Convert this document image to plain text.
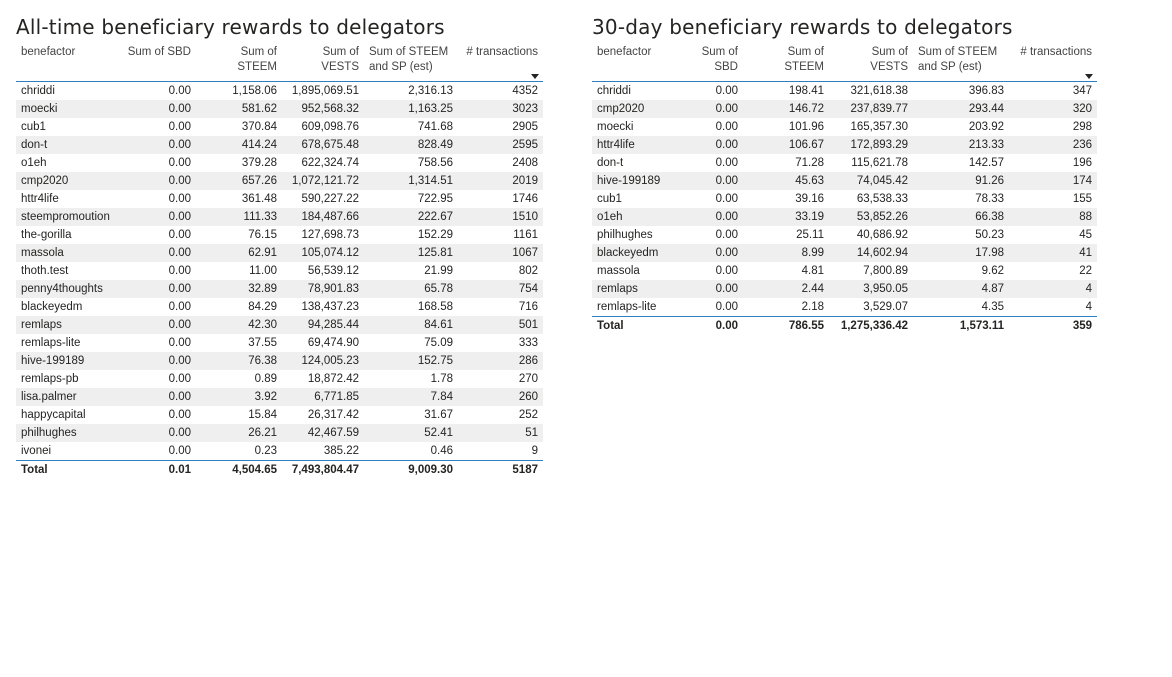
All-time beneficiary rewards to delegators
benefactor	Sum of SBD	Sum of STEEM	Sum of VESTS	Sum of STEEM and SP (est)	# transactions

chriddi	0.00	1,158.06	1,895,069.51	2,316.13	4352
moecki	0.00	581.62	952,568.32	1,163.25	3023
cub1	0.00	370.84	609,098.76	741.68	2905
don-t	0.00	414.24	678,675.48	828.49	2595
o1eh	0.00	379.28	622,324.74	758.56	2408
cmp2020	0.00	657.26	1,072,121.72	1,314.51	2019
httr4life	0.00	361.48	590,227.22	722.95	1746
steempromoution	0.00	111.33	184,487.66	222.67	1510
the-gorilla	0.00	76.15	127,698.73	152.29	1161
massola	0.00	62.91	105,074.12	125.81	1067
thoth.test	0.00	11.00	56,539.12	21.99	802
penny4thoughts	0.00	32.89	78,901.83	65.78	754
blackeyedm	0.00	84.29	138,437.23	168.58	716
remlaps	0.00	42.30	94,285.44	84.61	501
remlaps-lite	0.00	37.55	69,474.90	75.09	333
hive-199189	0.00	76.38	124,005.23	152.75	286
remlaps-pb	0.00	0.89	18,872.42	1.78	270
lisa.palmer	0.00	3.92	6,771.85	7.84	260
happycapital	0.00	15.84	26,317.42	31.67	252
philhughes	0.00	26.21	42,467.59	52.41	51
ivonei	0.00	0.23	385.22	0.46	9
Total	0.01	4,504.65	7,493,804.47	9,009.30	5187
30-day beneficiary rewards to delegators
benefactor	Sum of SBD	Sum of STEEM	Sum of VESTS	Sum of STEEM and SP (est)	# transactions

chriddi	0.00	198.41	321,618.38	396.83	347
cmp2020	0.00	146.72	237,839.77	293.44	320
moecki	0.00	101.96	165,357.30	203.92	298
httr4life	0.00	106.67	172,893.29	213.33	236
don-t	0.00	71.28	115,621.78	142.57	196
hive-199189	0.00	45.63	74,045.42	91.26	174
cub1	0.00	39.16	63,538.33	78.33	155
o1eh	0.00	33.19	53,852.26	66.38	88
philhughes	0.00	25.11	40,686.92	50.23	45
blackeyedm	0.00	8.99	14,602.94	17.98	41
massola	0.00	4.81	7,800.89	9.62	22
remlaps	0.00	2.44	3,950.05	4.87	4
remlaps-lite	0.00	2.18	3,529.07	4.35	4
Total	0.00	786.55	1,275,336.42	1,573.11	359
